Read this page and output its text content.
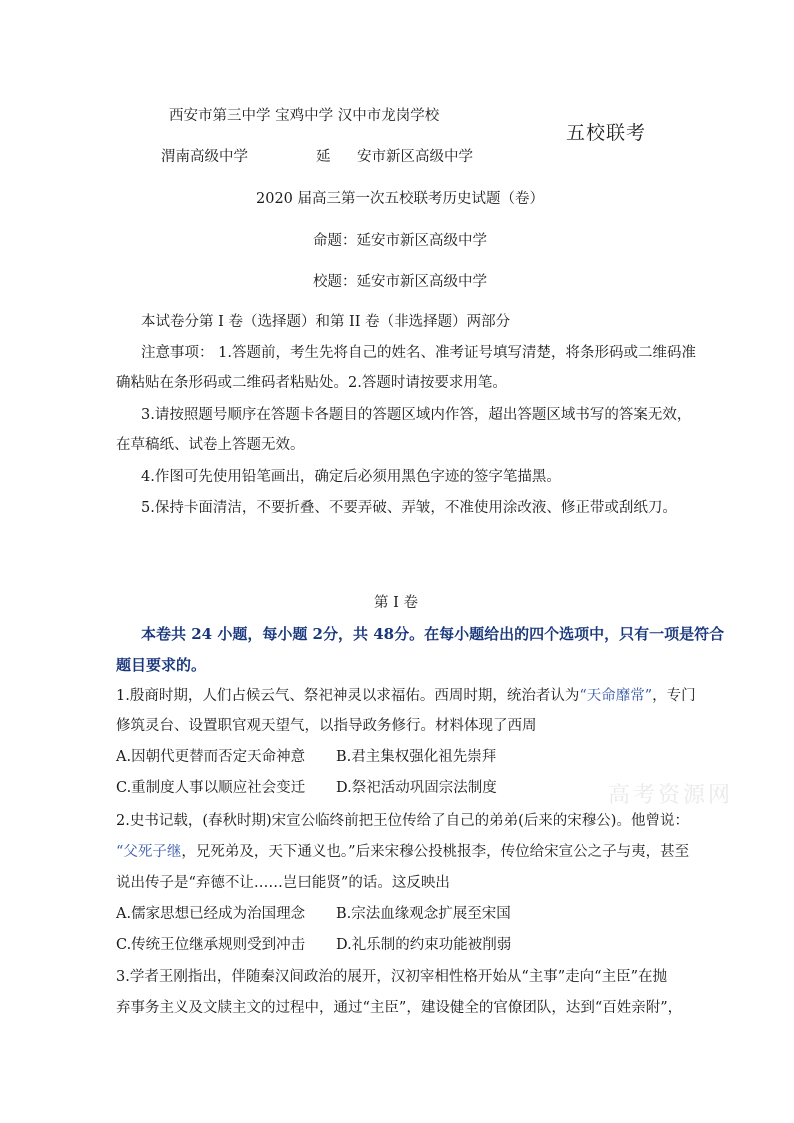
西安市第三中学 宝鸡中学 汉中市龙岗学校
五校联考
渭南高级中学	延 安市新区高级中学
2020 届高三第一次五校联考历史试题（卷）
命题：延安市新区高级中学
校题：延安市新区高级中学
本试卷分第 I 卷（选择题）和第 II 卷（非选择题）两部分
注意事项： 1.答题前，考生先将自己的姓名、准考证号填写清楚，将条形码或二维码准
确粘贴在条形码或二维码者粘贴处。2.答题时请按要求用笔。
3.请按照题号顺序在答题卡各题目的答题区域内作答，超出答题区域书写的答案无效，
在草稿纸、试卷上答题无效。
4.作图可先使用铅笔画出，确定后必须用黑色字迹的签字笔描黑。
5.保持卡面清洁，不要折叠、不要弄破、弄皱，不准使用涂改液、修正带或刮纸刀。
第 I 卷
本卷共 24 小题，每小题 2分，共 48分。在每小题给出的四个选项中，只有一项是符合
题目要求的。
1.殷商时期，人们占候云气、祭祀神灵以求福佑。西周时期，统治者认为“天命靡常”，专门
修筑灵台、设置职官观天望气，以指导政务修行。材料体现了西周
A.因朝代更替而否定天命神意 B.君主集权强化祖先崇拜
C.重制度人事以顺应社会变迁 D.祭祀活动巩固宗法制度
2.史书记载，(春秋时期)宋宣公临终前把王位传给了自己的弟弟(后来的宋穆公)。他曾说：
“父死子继，兄死弟及，天下通义也。”后来宋穆公投桃报李，传位给宋宣公之子与夷，甚至
说出传子是“弃德不让……岂曰能贤”的话。这反映出
A.儒家思想已经成为治国理念 B.宗法血缘观念扩展至宋国
C.传统王位继承规则受到冲击 D.礼乐制的约束功能被削弱
3.学者王刚指出，伴随秦汉间政治的展开，汉初宰相性格开始从“主事”走向“主臣”在抛
弃事务主义及文牍主文的过程中，通过“主臣”，建设健全的官僚团队，达到“百姓亲附”，
高考资源网
